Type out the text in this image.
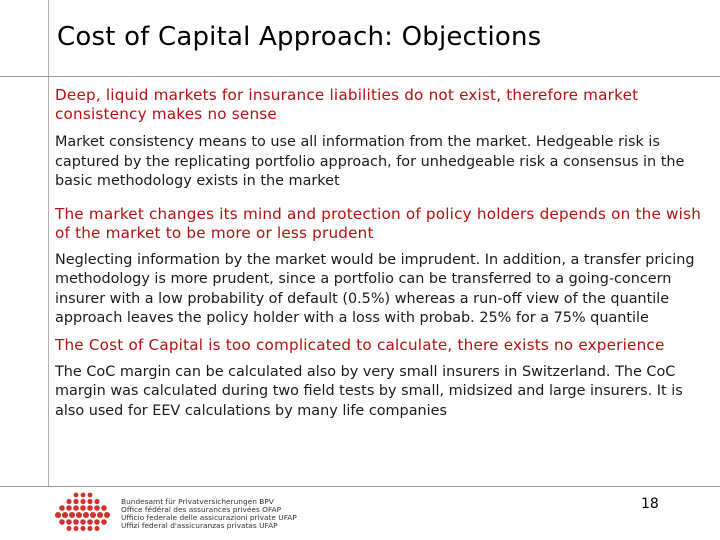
Cost of Capital Approach: Objections
Deep, liquid markets for insurance liabilities do not exist, therefore market consistency makes no sense
Market consistency means to use all information from the market. Hedgeable risk is captured by the replicating portfolio approach, for unhedgeable risk a consensus in the basic methodology exists in the market
The market changes its mind and protection of policy holders depends on the wish of the market to be more or less prudent
Neglecting information by the market would be imprudent. In addition, a transfer pricing methodology is more prudent, since a portfolio can be transferred to a going-concern insurer with a low probability of default (0.5%) whereas a run-off view of the quantile approach leaves the policy holder with a loss with probab. 25% for a 75% quantile
The Cost of Capital is too complicated to calculate, there exists no experience
The CoC margin can be calculated also by very small insurers in Switzerland. The CoC margin was calculated during two field tests by small, midsized and large insurers. It is also used for EEV calculations by many life companies
Bundesamt für Privatversicherungen BPV
Office fédéral des assurances privées OFAP
Ufficio federale delle assicurazioni private UFAP
Uffizi federal d'assicuranzas privatas UFAP
18
